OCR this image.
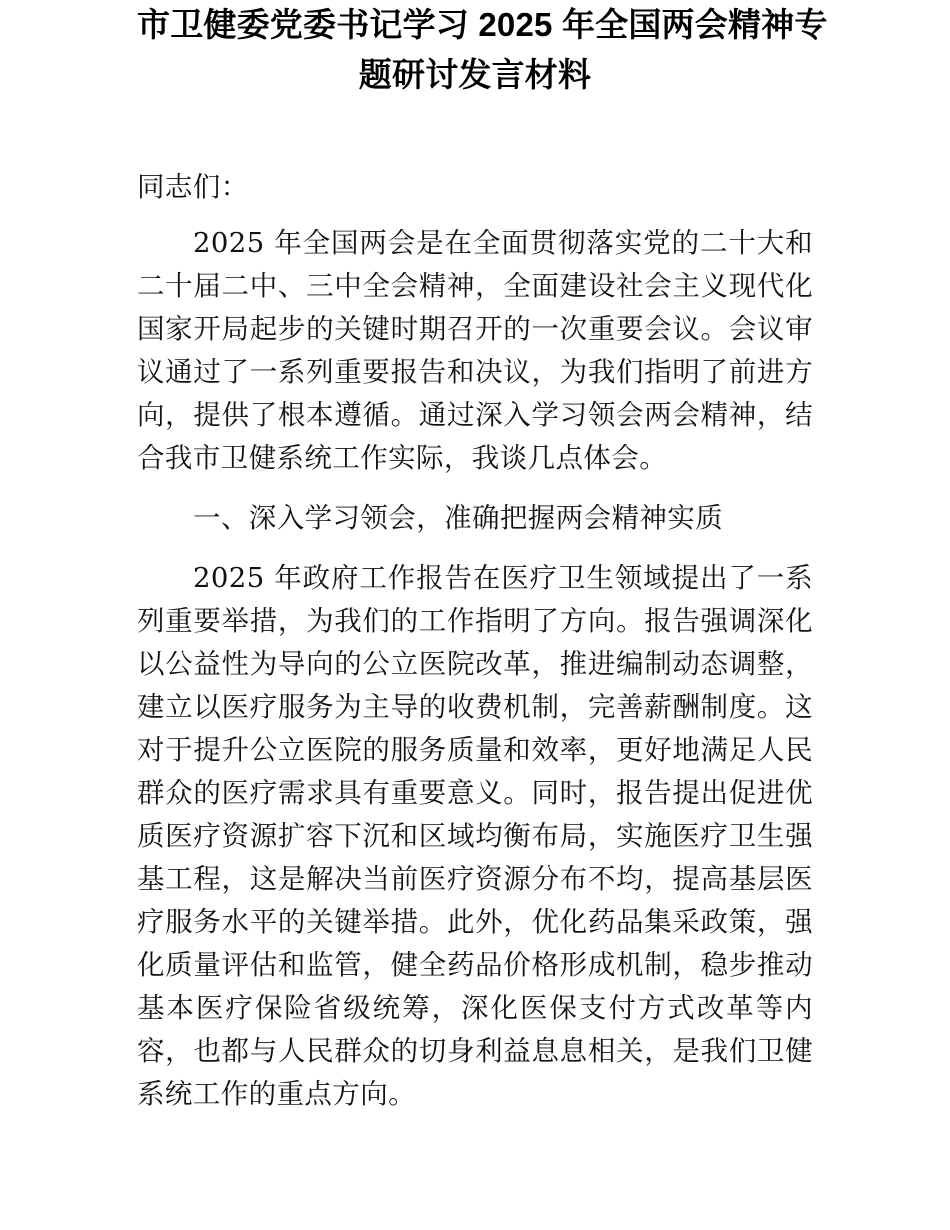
市卫健委党委书记学习 2025 年全国两会精神专
题研讨发言材料

同志们：

2025 年全国两会是在全面贯彻落实党的二十大和二十届二中、三中全会精神，全面建设社会主义现代化国家开局起步的关键时期召开的一次重要会议。会议审议通过了一系列重要报告和决议，为我们指明了前进方向，提供了根本遵循。通过深入学习领会两会精神，结合我市卫健系统工作实际，我谈几点体会。

一、深入学习领会，准确把握两会精神实质

2025 年政府工作报告在医疗卫生领域提出了一系列重要举措，为我们的工作指明了方向。报告强调深化以公益性为导向的公立医院改革，推进编制动态调整，建立以医疗服务为主导的收费机制，完善薪酬制度。这对于提升公立医院的服务质量和效率，更好地满足人民群众的医疗需求具有重要意义。同时，报告提出促进优质医疗资源扩容下沉和区域均衡布局，实施医疗卫生强基工程，这是解决当前医疗资源分布不均，提高基层医疗服务水平的关键举措。此外，优化药品集采政策，强化质量评估和监管，健全药品价格形成机制，稳步推动基本医疗保险省级统筹，深化医保支付方式改革等内容，也都与人民群众的切身利益息息相关，是我们卫健系统工作的重点方向。
